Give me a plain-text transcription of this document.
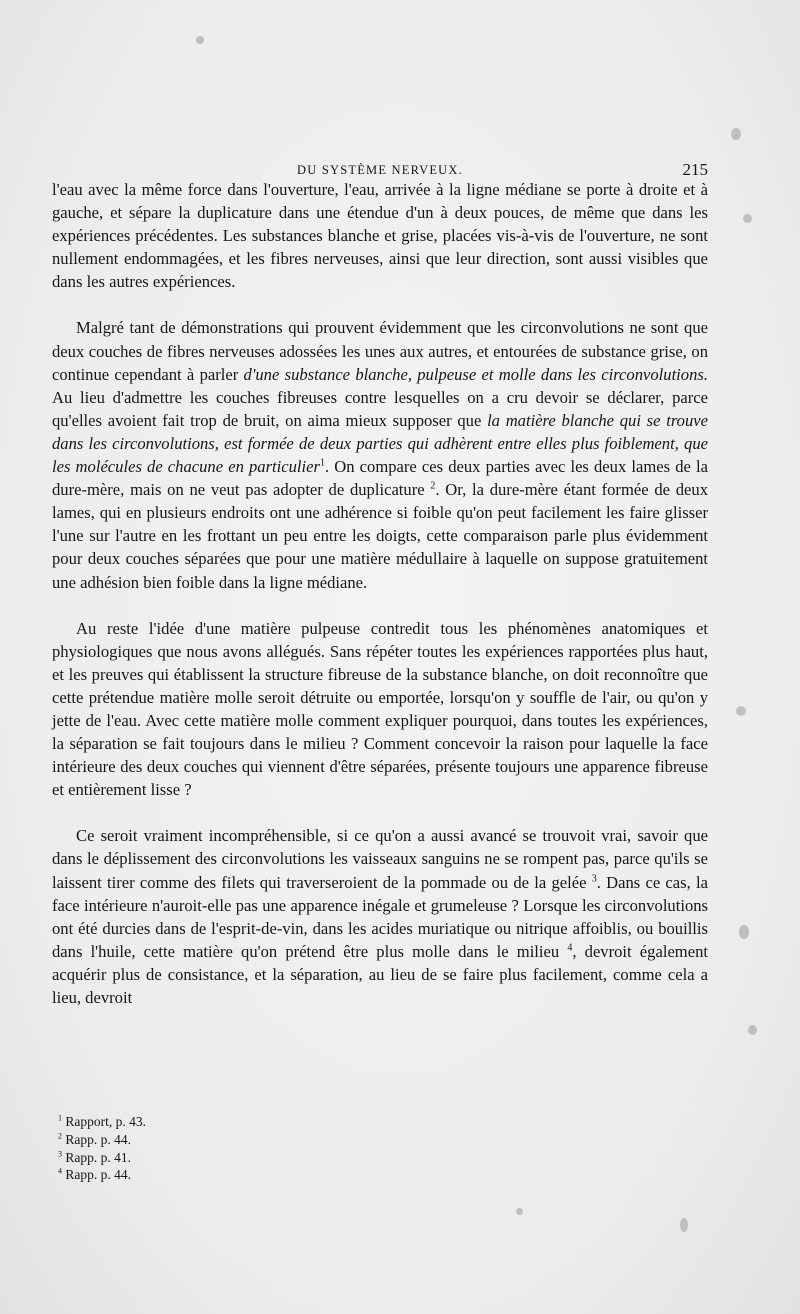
DU SYSTÈME NERVEUX.	215

l'eau avec la même force dans l'ouverture, l'eau, arrivée à la ligne médiane se porte à droite et à gauche, et sépare la duplicature dans une étendue d'un à deux pouces, de même que dans les expériences précédentes. Les substances blanche et grise, placées vis-à-vis de l'ouverture, ne sont nullement endommagées, et les fibres nerveuses, ainsi que leur direction, sont aussi visibles que dans les autres expériences.

Malgré tant de démonstrations qui prouvent évidemment que les circonvolutions ne sont que deux couches de fibres nerveuses adossées les unes aux autres, et entourées de substance grise, on continue cependant à parler d'une substance blanche, pulpeuse et molle dans les circonvolutions. Au lieu d'admettre les couches fibreuses contre lesquelles on a cru devoir se déclarer, parce qu'elles avoient fait trop de bruit, on aima mieux supposer que la matière blanche qui se trouve dans les circonvolutions, est formée de deux parties qui adhèrent entre elles plus foiblement, que les molécules de chacune en particulier$^1$. On compare ces deux parties avec les deux lames de la dure-mère, mais on ne veut pas adopter de duplicature $^2$. Or, la dure-mère étant formée de deux lames, qui en plusieurs endroits ont une adhérence si foible qu'on peut facilement les faire glisser l'une sur l'autre en les frottant un peu entre les doigts, cette comparaison parle plus évidemment pour deux couches séparées que pour une matière médullaire à laquelle on suppose gratuitement une adhésion bien foible dans la ligne médiane.

Au reste l'idée d'une matière pulpeuse contredit tous les phénomènes anatomiques et physiologiques que nous avons allégués. Sans répéter toutes les expériences rapportées plus haut, et les preuves qui établissent la structure fibreuse de la substance blanche, on doit reconnoître que cette prétendue matière molle seroit détruite ou emportée, lorsqu'on y souffle de l'air, ou qu'on y jette de l'eau. Avec cette matière molle comment expliquer pourquoi, dans toutes les expériences, la séparation se fait toujours dans le milieu ? Comment concevoir la raison pour laquelle la face intérieure des deux couches qui viennent d'être séparées, présente toujours une apparence fibreuse et entièrement lisse ?

Ce seroit vraiment incompréhensible, si ce qu'on a aussi avancé se trouvoit vrai, savoir que dans le déplissement des circonvolutions les vaisseaux sanguins ne se rompent pas, parce qu'ils se laissent tirer comme des filets qui traverseroient de la pommade ou de la gelée $^3$. Dans ce cas, la face intérieure n'auroit-elle pas une apparence inégale et grumeleuse ? Lorsque les circonvolutions ont été durcies dans de l'esprit-de-vin, dans les acides muriatique ou nitrique affoiblis, ou bouillis dans l'huile, cette matière qu'on prétend être plus molle dans le milieu $^4$, devroit également acquérir plus de consistance, et la séparation, au lieu de se faire plus facilement, comme cela a lieu, devroit

$^1$ Rapport, p. 43.
$^2$ Rapp. p. 44.
$^3$ Rapp. p. 41.
$^4$ Rapp. p. 44.
